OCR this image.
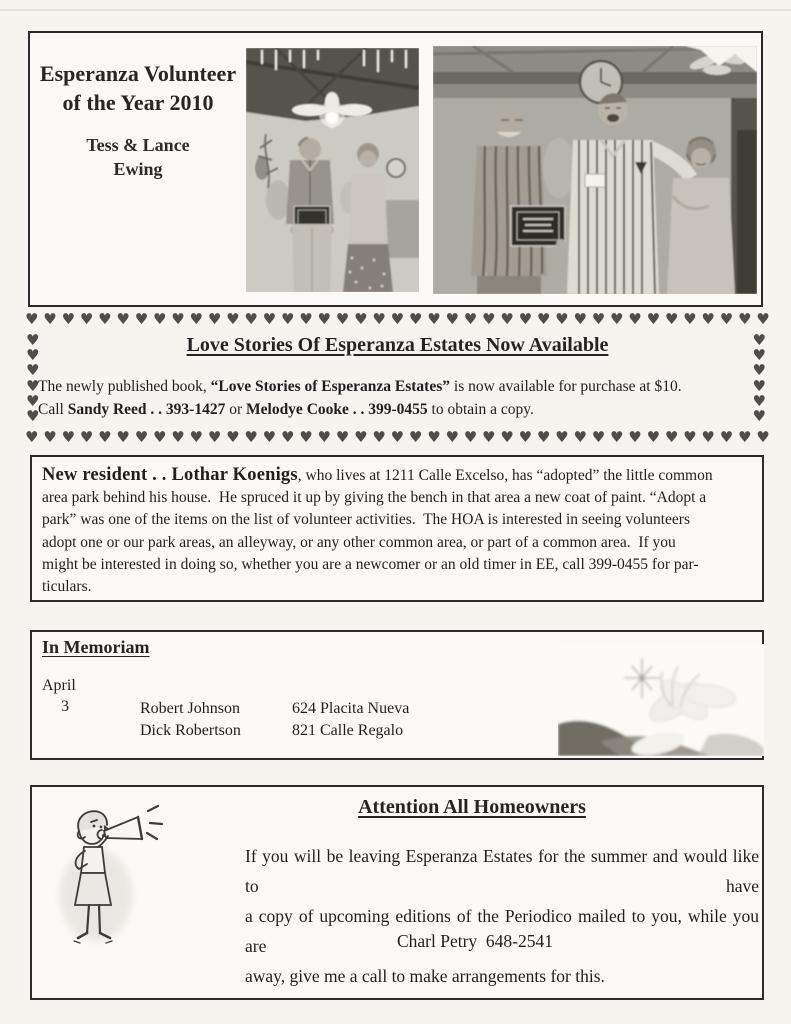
Esperanza Volunteer
of the Year 2010
Tess & Lance
Ewing
♥ ♥ ♥ ♥ ♥ ♥ ♥ ♥ ♥ ♥ ♥ ♥ ♥ ♥ ♥ ♥ ♥ ♥ ♥ ♥ ♥ ♥ ♥ ♥ ♥ ♥ ♥ ♥ ♥ ♥ ♥ ♥ ♥ ♥ ♥ ♥ ♥ ♥ ♥ ♥ ♥
♥
♥
♥
♥
♥
♥
♥
♥
♥
♥
♥
♥
♥ ♥ ♥ ♥ ♥ ♥ ♥ ♥ ♥ ♥ ♥ ♥ ♥ ♥ ♥ ♥ ♥ ♥ ♥ ♥ ♥ ♥ ♥ ♥ ♥ ♥ ♥ ♥ ♥ ♥ ♥ ♥ ♥ ♥ ♥ ♥ ♥ ♥ ♥ ♥ ♥
Love Stories Of Esperanza Estates Now Available
The newly published book, “Love Stories of Esperanza Estates” is now available for purchase at $10.
Call Sandy Reed . . 393-1427 or Melodye Cooke . . 399-0455 to obtain a copy.
New resident . . Lothar Koenigs, who lives at 1211 Calle Excelso, has “adopted” the little common
area park behind his house.  He spruced it up by giving the bench in that area a new coat of paint. “Adopt a
park” was one of the items on the list of volunteer activities.  The HOA is interested in seeing volunteers
adopt one or our park areas, an alleyway, or any other common area, or part of a common area.  If you
might be interested in doing so, whether you are a newcomer or an old timer in EE, call 399-0455 for par-
ticulars.
In Memoriam
April
3	Robert Johnson	624 Placita Nueva
Dick Robertson	821 Calle Regalo
Attention All Homeowners
If you will be leaving Esperanza Estates for the summer and would like to have
a copy of upcoming editions of the Periodico mailed to you, while you are
away, give me a call to make arrangements for this.
Charl Petry  648-2541
